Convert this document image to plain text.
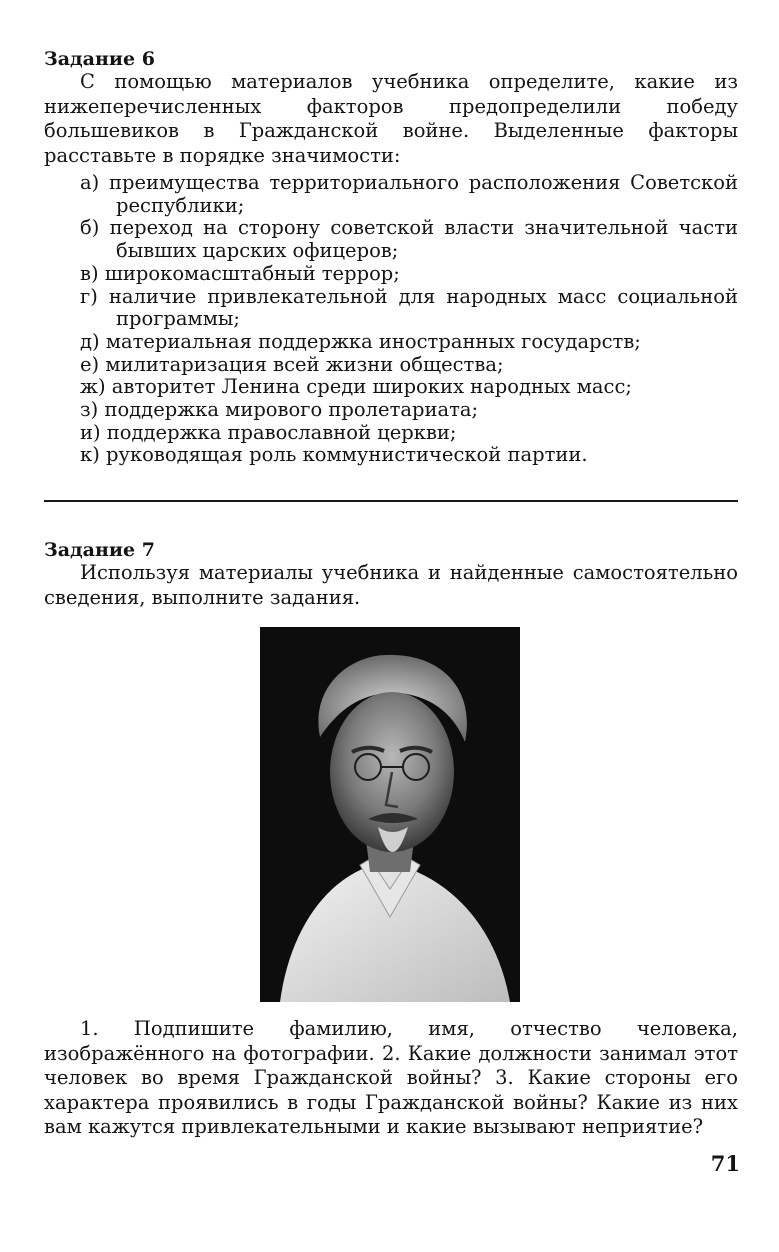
Задание 6
С помощью материалов учебника определите, какие из нижеперечисленных факторов предопределили победу большевиков в Гражданской войне. Выделенные факторы расставьте в порядке значимости:
а) преимущества территориального расположения Советской республики;
б) переход на сторону советской власти значительной части бывших царских офицеров;
в) широкомасштабный террор;
г) наличие привлекательной для народных масс социальной программы;
д) материальная поддержка иностранных государств;
е) милитаризация всей жизни общества;
ж) авторитет Ленина среди широких народных масс;
з) поддержка мирового пролетариата;
и) поддержка православной церкви;
к) руководящая роль коммунистической партии.
Задание 7
Используя материалы учебника и найденные самостоятельно сведения, выполните задания.
1. Подпишите фамилию, имя, отчество человека, изображённого на фотографии. 2. Какие должности занимал этот человек во время Гражданской войны? 3. Какие стороны его характера проявились в годы Гражданской войны? Какие из них вам кажутся привлекательными и какие вызывают неприятие?
71
